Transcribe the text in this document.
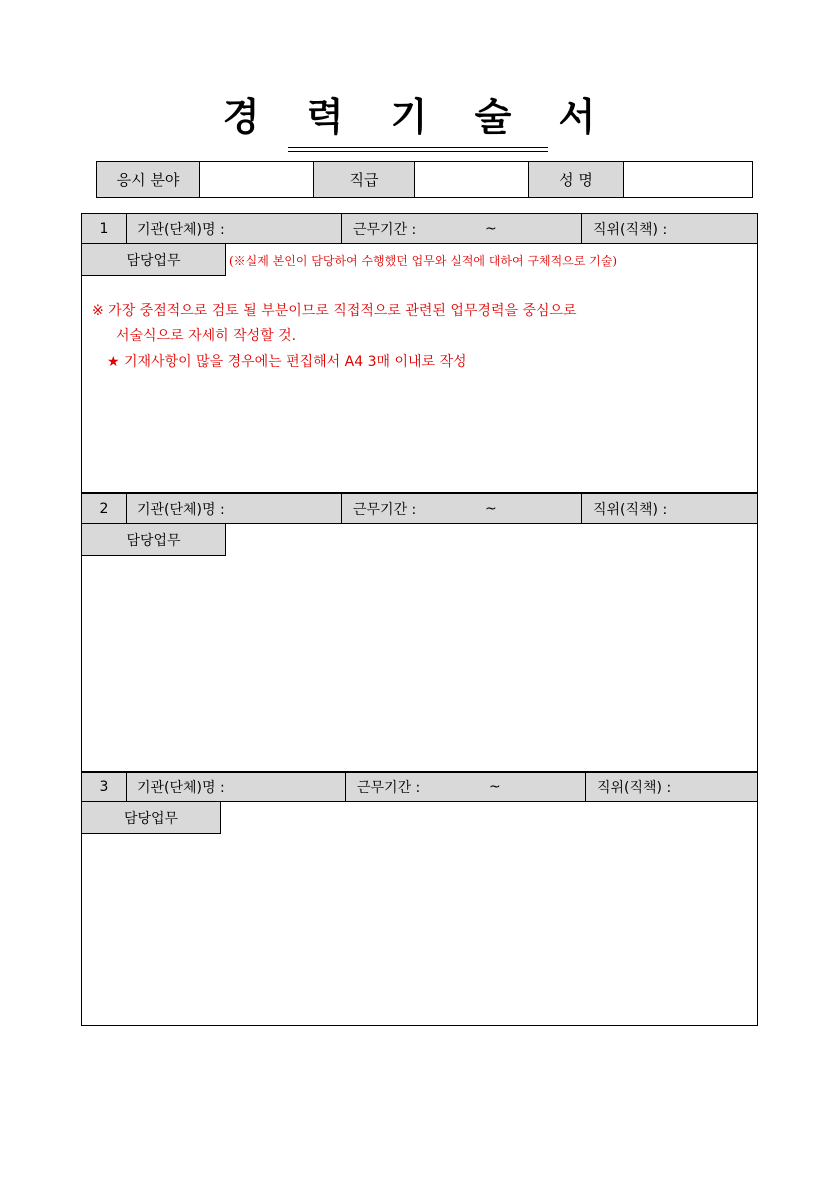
경 력 기 술 서
응시 분야	직급	성 명
1	기관(단체)명 :	근무기간 :	~	직위(직책) :
담당업무	(※실제 본인이 담당하여 수행했던 업무와 실적에 대하여 구체적으로 기술)
※ 가장 중점적으로 검토 될 부분이므로 직접적으로 관련된 업무경력을 중심으로
서술식으로 자세히 작성할 것.
★ 기재사항이 많을 경우에는 편집해서 A4 3매 이내로 작성
2	기관(단체)명 :	근무기간 :	~	직위(직책) :
담당업무
3	기관(단체)명 :	근무기간 :	~	직위(직책) :
담당업무
